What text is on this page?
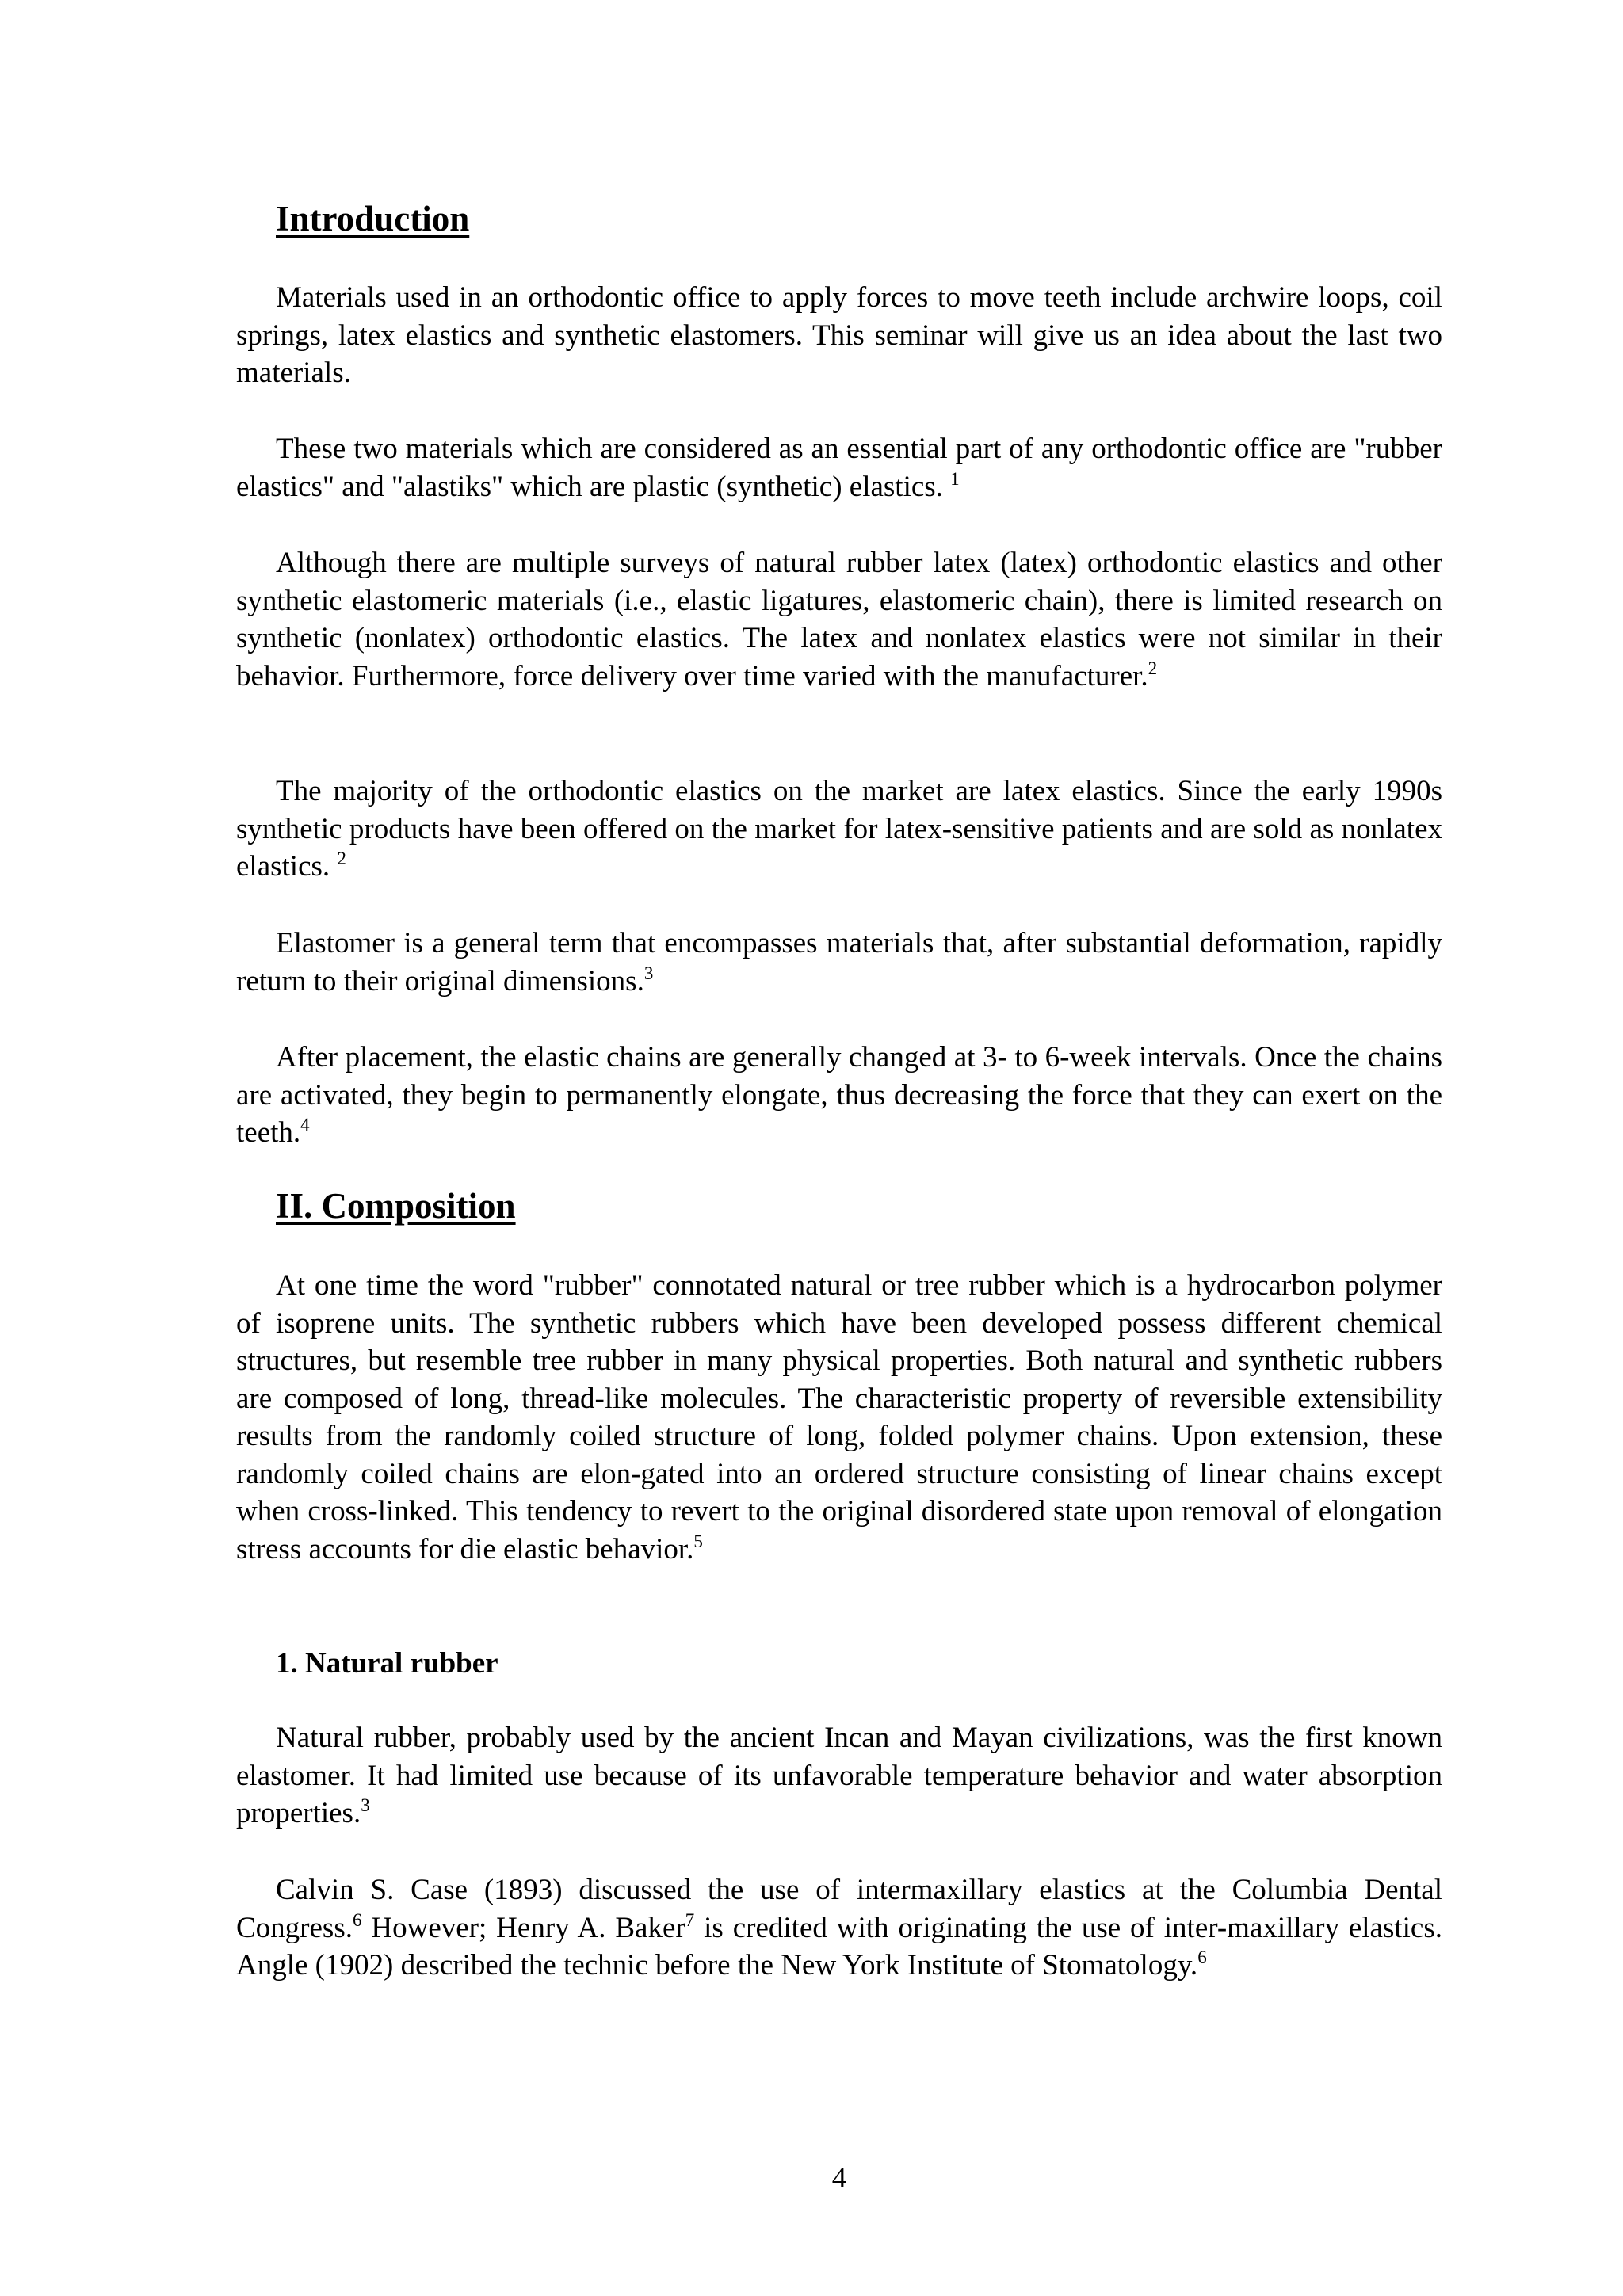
Introduction

Materials used in an orthodontic office to apply forces to move teeth include archwire loops, coil springs, latex elastics and synthetic elastomers. This seminar will give us an idea about the last two materials.

These two materials which are considered as an essential part of any orthodontic office are "rubber elastics" and "alastiks" which are plastic (synthetic) elastics. $^1$

Although there are multiple surveys of natural rubber latex (latex) orthodontic elastics and other synthetic elastomeric materials (i.e., elastic ligatures, elastomeric chain), there is limited research on synthetic (nonlatex) orthodontic elastics. The latex and nonlatex elastics were not similar in their behavior. Furthermore, force delivery over time varied with the manufacturer.$^2$

The majority of the orthodontic elastics on the market are latex elastics. Since the early 1990s synthetic products have been offered on the market for latex-sensitive patients and are sold as nonlatex elastics. $^2$

Elastomer is a general term that encompasses materials that, after substantial deformation, rapidly return to their original dimensions.$^3$

After placement, the elastic chains are generally changed at 3- to 6-week intervals. Once the chains are activated, they begin to permanently elongate, thus decreasing the force that they can exert on the teeth.$^4$

II. Composition

At one time the word "rubber" connotated natural or tree rubber which is a hydrocarbon polymer of isoprene units. The synthetic rubbers which have been developed possess different chemical structures, but resemble tree rubber in many physical properties. Both natural and synthetic rubbers are composed of long, thread-like molecules. The characteristic property of reversible extensibility results from the randomly coiled structure of long, folded polymer chains. Upon extension, these randomly coiled chains are elon-gated into an ordered structure consisting of linear chains except when cross-linked. This tendency to revert to the original disordered state upon removal of elongation stress accounts for die elastic behavior.$^5$

1. Natural rubber

Natural rubber, probably used by the ancient Incan and Mayan civilizations, was the first known elastomer. It had limited use because of its unfavorable temperature behavior and water absorption properties.$^3$

Calvin S. Case (1893) discussed the use of intermaxillary elastics at the Columbia Dental Congress.$^6$ However; Henry A. Baker$^7$ is credited with originating the use of inter-maxillary elastics. Angle (1902) described the technic before the New York Institute of Stomatology.$^6$

4
